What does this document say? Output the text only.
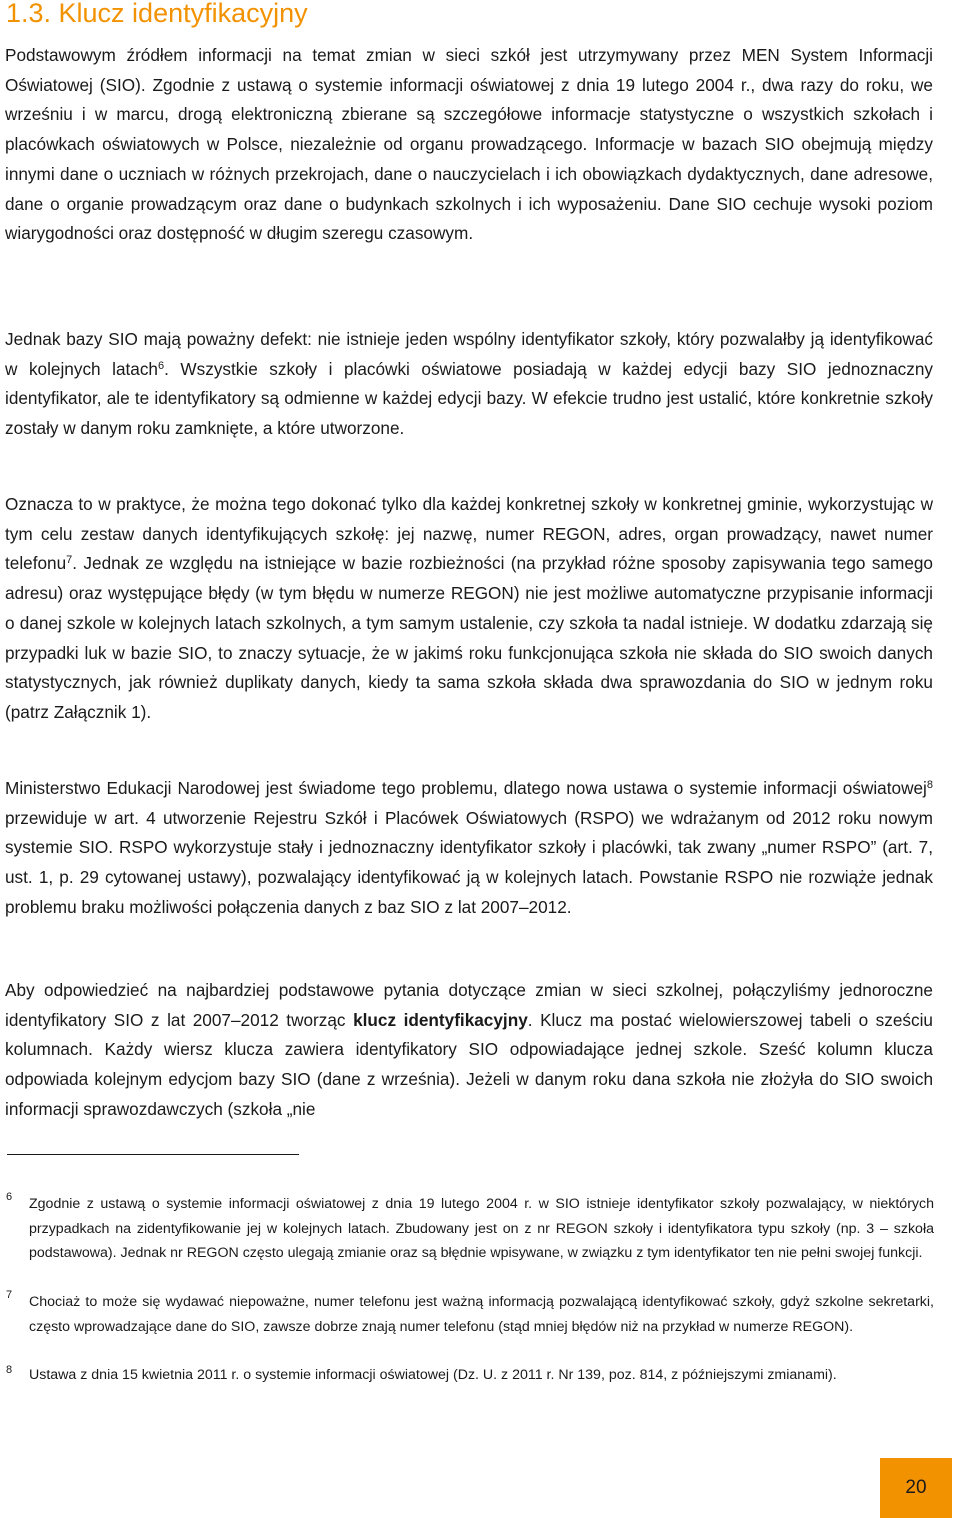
1.3. Klucz identyfikacyjny

Podstawowym źródłem informacji na temat zmian w sieci szkół jest utrzymywany przez MEN System Informacji Oświatowej (SIO). Zgodnie z ustawą o systemie informacji oświatowej z dnia 19 lutego 2004 r., dwa razy do roku, we wrześniu i w marcu, drogą elektroniczną zbierane są szczegółowe informacje statystyczne o wszystkich szkołach i placówkach oświatowych w Polsce, niezależnie od organu prowadzącego. Informacje w bazach SIO obejmują między innymi dane o uczniach w różnych przekrojach, dane o nauczycielach i ich obowiązkach dydaktycznych, dane adresowe, dane o organie prowadzącym oraz dane o budynkach szkolnych i ich wyposażeniu. Dane SIO cechuje wysoki poziom wiarygodności oraz dostępność w długim szeregu czasowym.

Jednak bazy SIO mają poważny defekt: nie istnieje jeden wspólny identyfikator szkoły, który pozwalałby ją identyfikować w kolejnych latach$^6$. Wszystkie szkoły i placówki oświatowe posiadają w każdej edycji bazy SIO jednoznaczny identyfikator, ale te identyfikatory są odmienne w każdej edycji bazy. W efekcie trudno jest ustalić, które konkretnie szkoły zostały w danym roku zamknięte, a które utworzone.

Oznacza to w praktyce, że można tego dokonać tylko dla każdej konkretnej szkoły w konkretnej gminie, wykorzystując w tym celu zestaw danych identyfikujących szkołę: jej nazwę, numer REGON, adres, organ prowadzący, nawet numer telefonu$^7$. Jednak ze względu na istniejące w bazie rozbieżności (na przykład różne sposoby zapisywania tego samego adresu) oraz występujące błędy (w tym błędu w numerze REGON) nie jest możliwe automatyczne przypisanie informacji o danej szkole w kolejnych latach szkolnych, a tym samym ustalenie, czy szkoła ta nadal istnieje. W dodatku zdarzają się przypadki luk w bazie SIO, to znaczy sytuacje, że w jakimś roku funkcjonująca szkoła nie składa do SIO swoich danych statystycznych, jak również duplikaty danych, kiedy ta sama szkoła składa dwa sprawozdania do SIO w jednym roku (patrz Załącznik 1).

Ministerstwo Edukacji Narodowej jest świadome tego problemu, dlatego nowa ustawa o systemie informacji oświatowej$^8$ przewiduje w art. 4 utworzenie Rejestru Szkół i Placówek Oświatowych (RSPO) we wdrażanym od 2012 roku nowym systemie SIO. RSPO wykorzystuje stały i jednoznaczny identyfikator szkoły i placówki, tak zwany „numer RSPO” (art. 7, ust. 1, p. 29 cytowanej ustawy), pozwalający identyfikować ją w kolejnych latach. Powstanie RSPO nie rozwiąże jednak problemu braku możliwości połączenia danych z baz SIO z lat 2007–2012.

Aby odpowiedzieć na najbardziej podstawowe pytania dotyczące zmian w sieci szkolnej, połączyliśmy jednoroczne identyfikatory SIO z lat 2007–2012 tworząc klucz identyfikacyjny. Klucz ma postać wielowierszowej tabeli o sześciu kolumnach. Każdy wiersz klucza zawiera identyfikatory SIO odpowiadające jednej szkole. Sześć kolumn klucza odpowiada kolejnym edycjom bazy SIO (dane z września). Jeżeli w danym roku dana szkoła nie złożyła do SIO swoich informacji sprawozdawczych (szkoła „nie

6 Zgodnie z ustawą o systemie informacji oświatowej z dnia 19 lutego 2004 r. w SIO istnieje identyfikator szkoły pozwalający, w niektórych przypadkach na zidentyfikowanie jej w kolejnych latach. Zbudowany jest on z nr REGON szkoły i identyfikatora typu szkoły (np. 3 – szkoła podstawowa). Jednak nr REGON często ulegają zmianie oraz są błędnie wpisywane, w związku z tym identyfikator ten nie pełni swojej funkcji.

7 Chociaż to może się wydawać niepoważne, numer telefonu jest ważną informacją pozwalającą identyfikować szkoły, gdyż szkolne sekretarki, często wprowadzające dane do SIO, zawsze dobrze znają numer telefonu (stąd mniej błędów niż na przykład w numerze REGON).

8 Ustawa z dnia 15 kwietnia 2011 r. o systemie informacji oświatowej (Dz. U. z 2011 r. Nr 139, poz. 814, z późniejszymi zmianami).

20
